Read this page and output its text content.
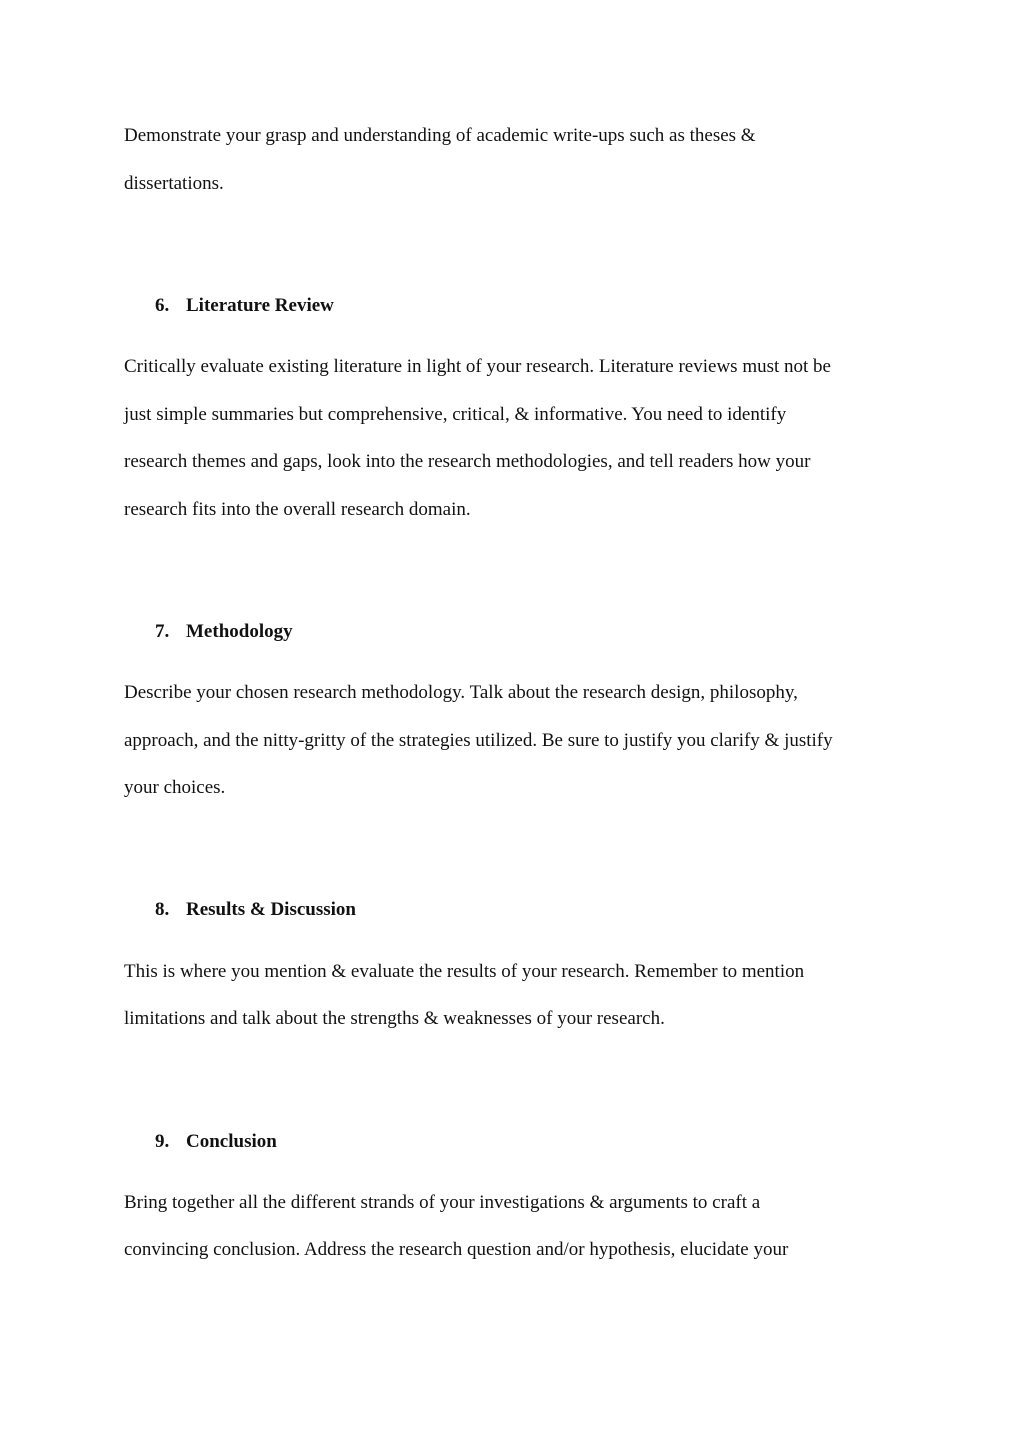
Demonstrate your grasp and understanding of academic write-ups such as theses &
dissertations.
6. Literature Review
Critically evaluate existing literature in light of your research. Literature reviews must not be
just simple summaries but comprehensive, critical, & informative. You need to identify
research themes and gaps, look into the research methodologies, and tell readers how your
research fits into the overall research domain.
7. Methodology
Describe your chosen research methodology. Talk about the research design, philosophy,
approach, and the nitty-gritty of the strategies utilized. Be sure to justify you clarify & justify
your choices.
8. Results & Discussion
This is where you mention & evaluate the results of your research. Remember to mention
limitations and talk about the strengths & weaknesses of your research.
9. Conclusion
Bring together all the different strands of your investigations & arguments to craft a
convincing conclusion. Address the research question and/or hypothesis, elucidate your
